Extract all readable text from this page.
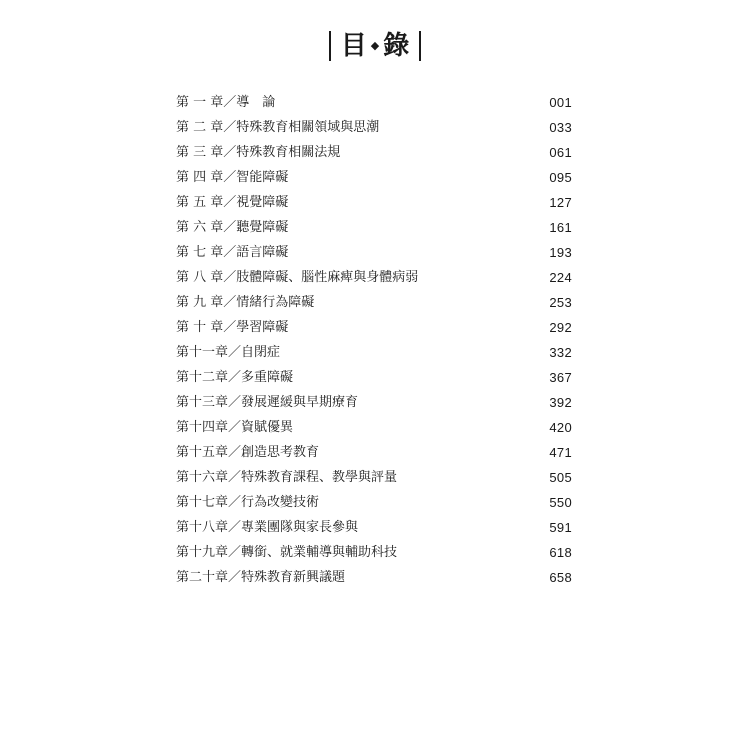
目 ◆ 錄
第 一 章／導　論	001
第 二 章／特殊教育相關領域與思潮	033
第 三 章／特殊教育相關法規	061
第 四 章／智能障礙	095
第 五 章／視覺障礙	127
第 六 章／聽覺障礙	161
第 七 章／語言障礙	193
第 八 章／肢體障礙、腦性麻痺與身體病弱	224
第 九 章／情緒行為障礙	253
第 十 章／學習障礙	292
第十一章／自閉症	332
第十二章／多重障礙	367
第十三章／發展遲緩與早期療育	392
第十四章／資賦優異	420
第十五章／創造思考教育	471
第十六章／特殊教育課程、教學與評量	505
第十七章／行為改變技術	550
第十八章／專業團隊與家長參與	591
第十九章／轉銜、就業輔導與輔助科技	618
第二十章／特殊教育新興議題	658
